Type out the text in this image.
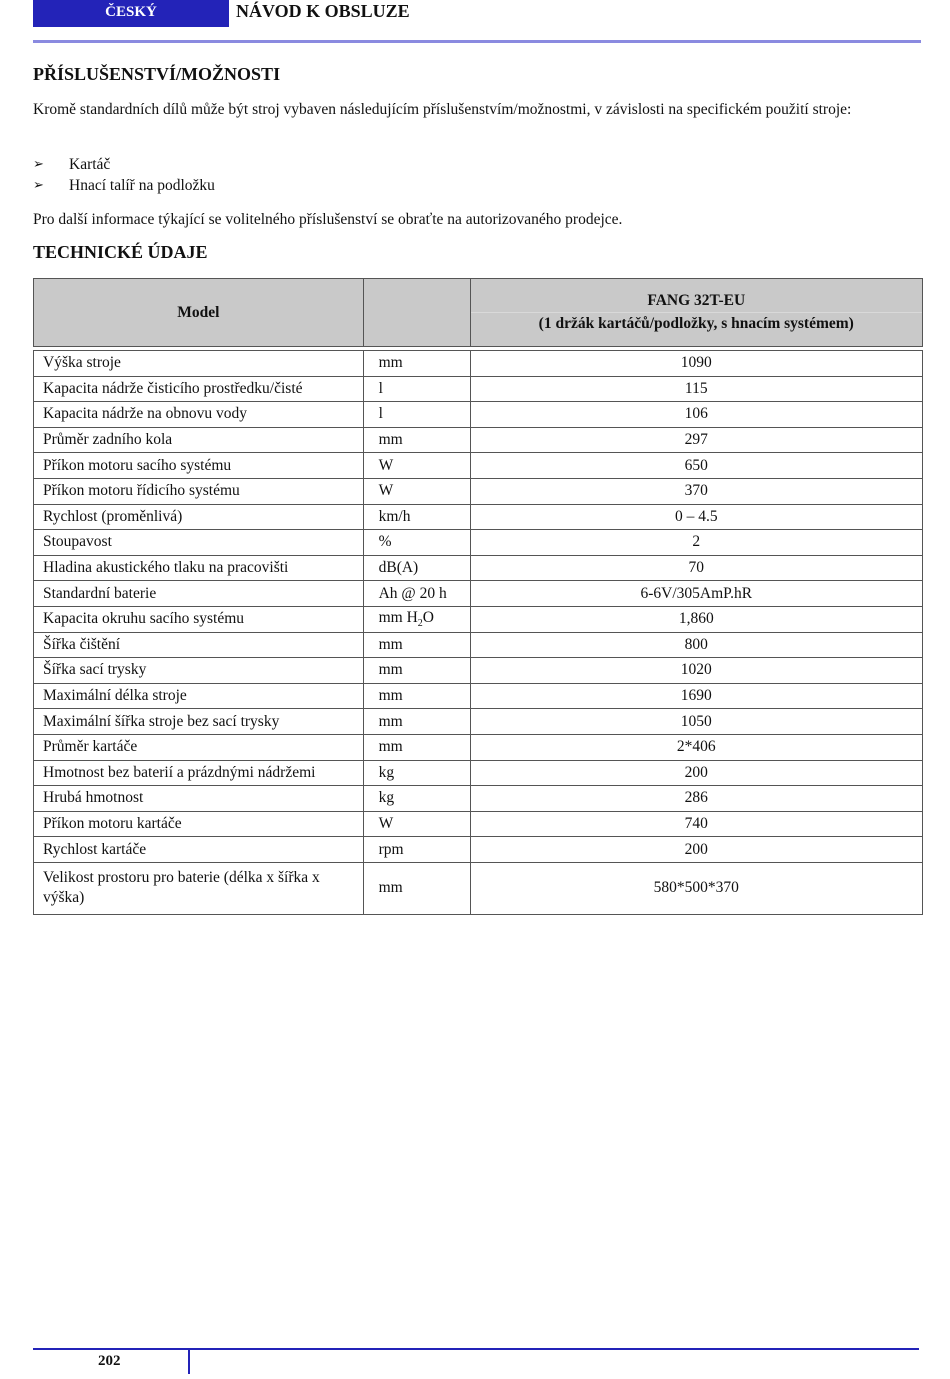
ČESKÝ	NÁVOD K OBSLUZE
PŘÍSLUŠENSTVÍ/MOŽNOSTI

Kromě standardních dílů může být stroj vybaven následujícím příslušenstvím/možnostmi, v závislosti na specifickém použití stroje:

➢	Kartáč
➢	Hnací talíř na podložku

Pro další informace týkající se volitelného příslušenství se obraťte na autorizovaného prodejce.

TECHNICKÉ ÚDAJE
Model		FANG 32T-EU
(1 držák kartáčů/podložky, s hnacím systémem)

Výška stroje	mm	1090
Kapacita nádrže čisticího prostředku/čisté	l	115
Kapacita nádrže na obnovu vody	l	106
Průměr zadního kola	mm	297
Příkon motoru sacího systému	W	650
Příkon motoru řídicího systému	W	370
Rychlost (proměnlivá)	km/h	0 – 4.5
Stoupavost	%	2
Hladina akustického tlaku na pracovišti	dB(A)	70
Standardní baterie	Ah @ 20 h	6-6V/305AmP.hR
Kapacita okruhu sacího systému	mm $H_2O$	1,860
Šířka čištění	mm	800
Šířka sací trysky	mm	1020
Maximální délka stroje	mm	1690
Maximální šířka stroje bez sací trysky	mm	1050
Průměr kartáče	mm	2*406
Hmotnost bez baterií a prázdnými nádržemi	kg	200
Hrubá hmotnost	kg	286
Příkon motoru kartáče	W	740
Rychlost kartáče	rpm	200
Velikost prostoru pro baterie (délka x šířka x výška)	mm	580*500*370
202
